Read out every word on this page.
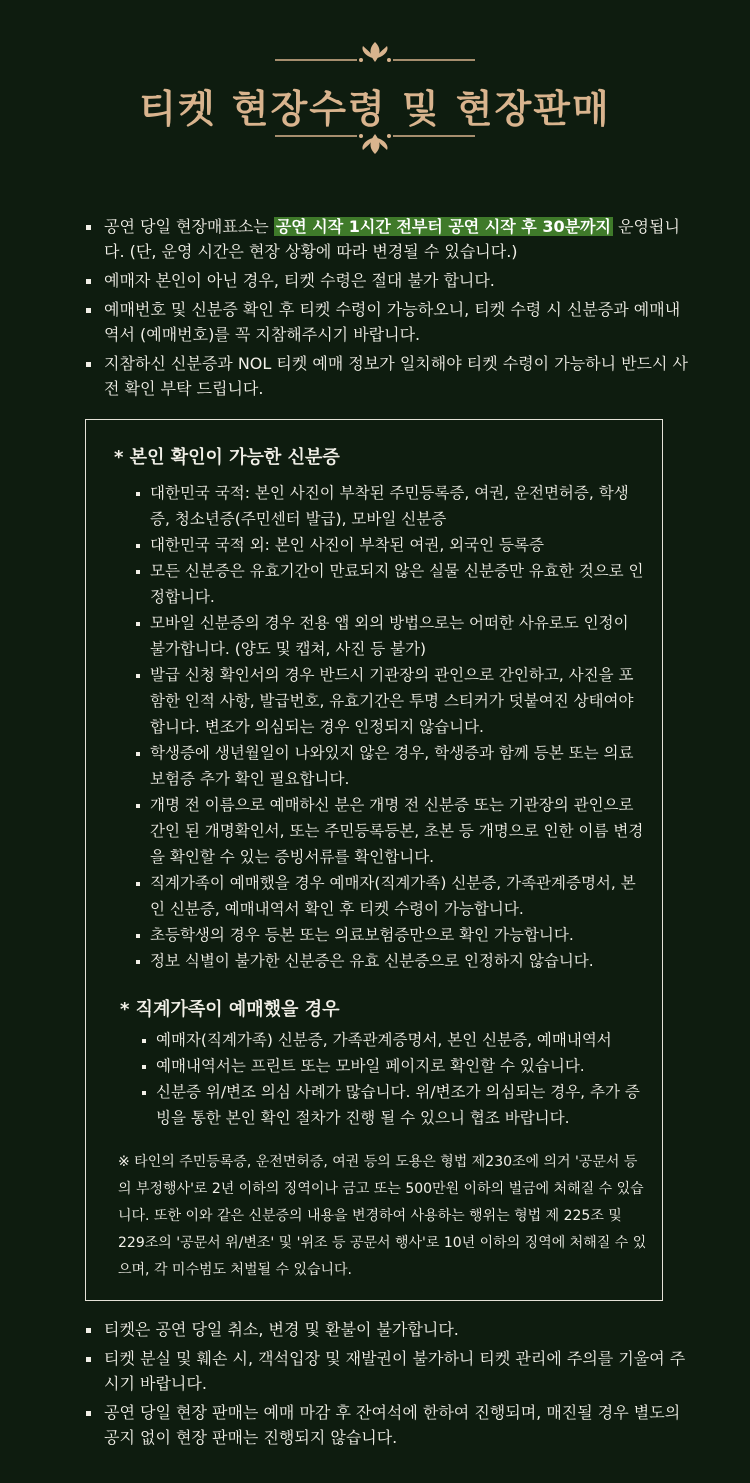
티켓 현장수령 및 현장판매
공연 당일 현장매표소는 공연 시작 1시간 전부터 공연 시작 후 30분까지 운영됩니다. (단, 운영 시간은 현장 상황에 따라 변경될 수 있습니다.)
예매자 본인이 아닌 경우, 티켓 수령은 절대 불가 합니다.
예매번호 및 신분증 확인 후 티켓 수령이 가능하오니, 티켓 수령 시 신분증과 예매내역서 (예매번호)를 꼭 지참해주시기 바랍니다.
지참하신 신분증과 NOL 티켓 예매 정보가 일치해야 티켓 수령이 가능하니 반드시 사전 확인 부탁 드립니다.
* 본인 확인이 가능한 신분증
대한민국 국적: 본인 사진이 부착된 주민등록증, 여권, 운전면허증, 학생증, 청소년증(주민센터 발급), 모바일 신분증
대한민국 국적 외: 본인 사진이 부착된 여권, 외국인 등록증
모든 신분증은 유효기간이 만료되지 않은 실물 신분증만 유효한 것으로 인정합니다.
모바일 신분증의 경우 전용 앱 외의 방법으로는 어떠한 사유로도 인정이 불가합니다. (양도 및 캡쳐, 사진 등 불가)
발급 신청 확인서의 경우 반드시 기관장의 관인으로 간인하고, 사진을 포함한 인적 사항, 발급번호, 유효기간은 투명 스티커가 덧붙여진 상태여야 합니다. 변조가 의심되는 경우 인정되지 않습니다.
학생증에 생년월일이 나와있지 않은 경우, 학생증과 함께 등본 또는 의료보험증 추가 확인 필요합니다.
개명 전 이름으로 예매하신 분은 개명 전 신분증 또는 기관장의 관인으로 간인 된 개명확인서, 또는 주민등록등본, 초본 등 개명으로 인한 이름 변경을 확인할 수 있는 증빙서류를 확인합니다.
직계가족이 예매했을 경우 예매자(직계가족) 신분증, 가족관계증명서, 본인 신분증, 예매내역서 확인 후 티켓 수령이 가능합니다.
초등학생의 경우 등본 또는 의료보험증만으로 확인 가능합니다.
정보 식별이 불가한 신분증은 유효 신분증으로 인정하지 않습니다.
* 직계가족이 예매했을 경우
예매자(직계가족) 신분증, 가족관계증명서, 본인 신분증, 예매내역서
예매내역서는 프린트 또는 모바일 페이지로 확인할 수 있습니다.
신분증 위/변조 의심 사례가 많습니다. 위/변조가 의심되는 경우, 추가 증빙을 통한 본인 확인 절차가 진행 될 수 있으니 협조 바랍니다.
※ 타인의 주민등록증, 운전면허증, 여권 등의 도용은 형법 제230조에 의거 '공문서 등의 부정행사'로 2년 이하의 징역이나 금고 또는 500만원 이하의 벌금에 처해질 수 있습니다. 또한 이와 같은 신분증의 내용을 변경하여 사용하는 행위는 형법 제 225조 및 229조의 '공문서 위/변조' 및 '위조 등 공문서 행사'로 10년 이하의 징역에 처해질 수 있으며, 각 미수범도 처벌될 수 있습니다.
티켓은 공연 당일 취소, 변경 및 환불이 불가합니다.
티켓 분실 및 훼손 시, 객석입장 및 재발권이 불가하니 티켓 관리에 주의를 기울여 주시기 바랍니다.
공연 당일 현장 판매는 예매 마감 후 잔여석에 한하여 진행되며, 매진될 경우 별도의 공지 없이 현장 판매는 진행되지 않습니다.
